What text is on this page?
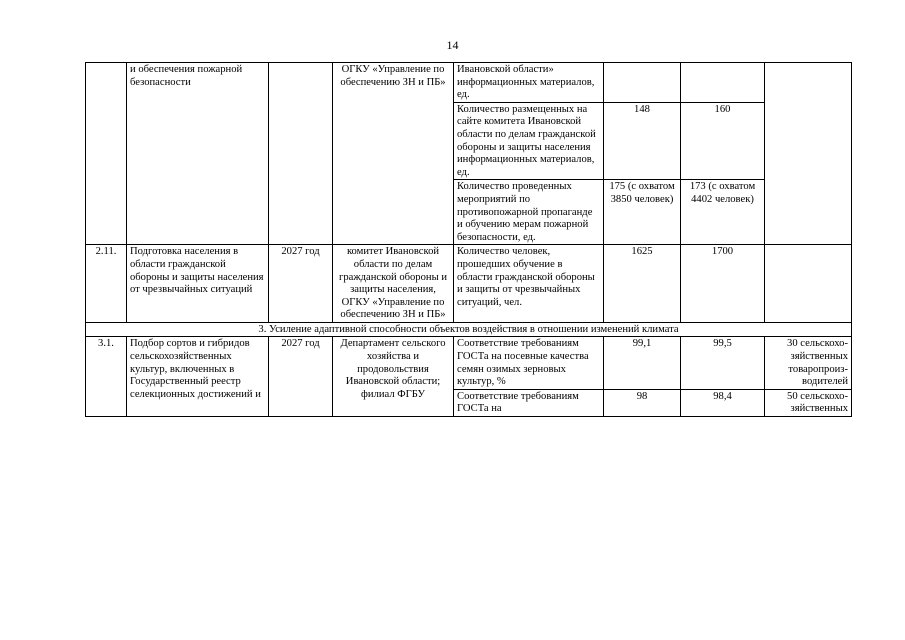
14
	и обеспечения пожарной безопасности		ОГКУ «Управление по обеспечению ЗН и ПБ»	Ивановской области» информационных материалов, ед.			
				Количество размещенных на сайте комитета Ивановской области по делам гражданской обороны и защиты населения информационных материалов, ед.	148	160	
				Количество проведенных мероприятий по противопожарной пропаганде и обучению мерам пожарной безопасности, ед.	175 (с охватом 3850 человек)	173 (с охватом 4402 человек)	
2.11.	Подготовка населения в области гражданской обороны и защиты населения от чрезвычайных ситуаций	2027 год	комитет Ивановской области по делам гражданской обороны и защиты населения, ОГКУ «Управление по обеспечению ЗН и ПБ»	Количество человек, прошедших обучение в области гражданской обороны и защиты от чрезвычайных ситуаций, чел.	1625	1700	
3. Усиление адаптивной способности объектов воздействия в отношении изменений климата							
3.1.	Подбор сортов и гибридов сельскохозяйственных культур, включенных в Государственный реестр селекционных достижений и	2027 год	Департамент сельского хозяйства и продовольствия Ивановской области; филиал ФГБУ	Соответствие требованиям ГОСТа на посевные качества семян озимых зерновых культур, %	99,1	99,5	30 сельскохо-зяйственных товаропроиз-водителей
				Соответствие требованиям ГОСТа на	98	98,4	50 сельскохо-зяйственных
